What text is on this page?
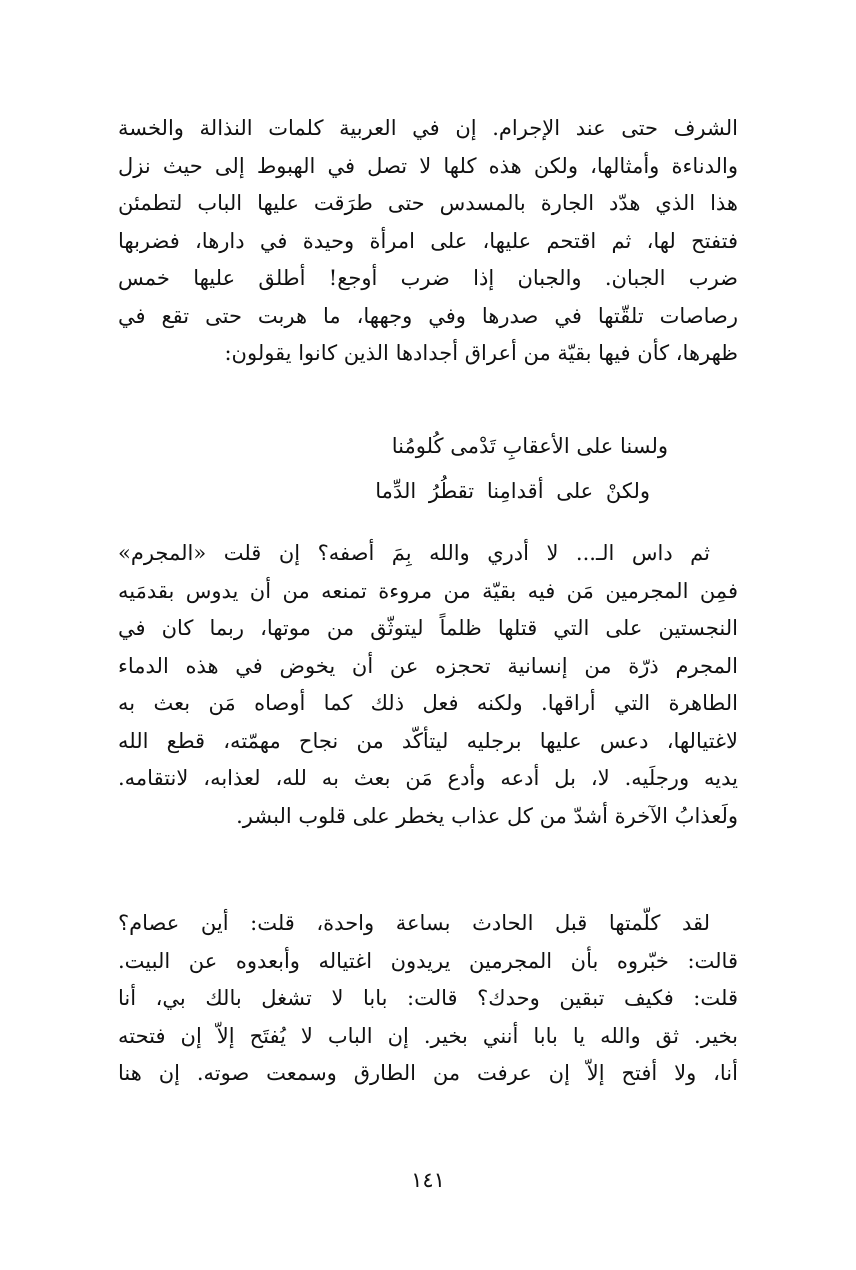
الشرف حتى عند الإجرام. إن في العربية كلمات النذالة والخسة
والدناءة وأمثالها، ولكن هذه كلها لا تصل في الهبوط إلى حيث نزل
هذا الذي هدّد الجارة بالمسدس حتى طرَقت عليها الباب لتطمئن
فتفتح لها، ثم اقتحم عليها، على امرأة وحيدة في دارها، فضربها
ضرب الجبان. والجبان إذا ضرب أوجع! أطلق عليها خمس
رصاصات تلقّتها في صدرها وفي وجهها، ما هربت حتى تقع في
ظهرها، كأن فيها بقيّة من أعراق أجدادها الذين كانوا يقولون:
ولسنا على الأعقابِ تَدْمى كُلومُنا
ولكنْ على أقدامِنا تقطُرُ الدِّما
ثم داس الـ... لا أدري والله بِمَ أصفه؟ إن قلت «المجرم»
فمِن المجرمين مَن فيه بقيّة من مروءة تمنعه من أن يدوس بقدمَيه
النجستين على التي قتلها ظلماً ليتوثّق من موتها، ربما كان في
المجرم ذرّة من إنسانية تحجزه عن أن يخوض في هذه الدماء
الطاهرة التي أراقها. ولكنه فعل ذلك كما أوصاه مَن بعث به
لاغتيالها، دعس عليها برجليه ليتأكّد من نجاح مهمّته، قطع الله
يديه ورجلَيه. لا، بل أدعه وأدع مَن بعث به لله، لعذابه، لانتقامه.
ولَعذابُ الآخرة أشدّ من كل عذاب يخطر على قلوب البشر.
لقد كلّمتها قبل الحادث بساعة واحدة، قلت: أين عصام؟
قالت: خبّروه بأن المجرمين يريدون اغتياله وأبعدوه عن البيت.
قلت: فكيف تبقين وحدك؟ قالت: بابا لا تشغل بالك بي، أنا
بخير. ثق والله يا بابا أنني بخير. إن الباب لا يُفتَح إلاّ إن فتحته
أنا، ولا أفتح إلاّ إن عرفت من الطارق وسمعت صوته. إن هنا
١٤١
